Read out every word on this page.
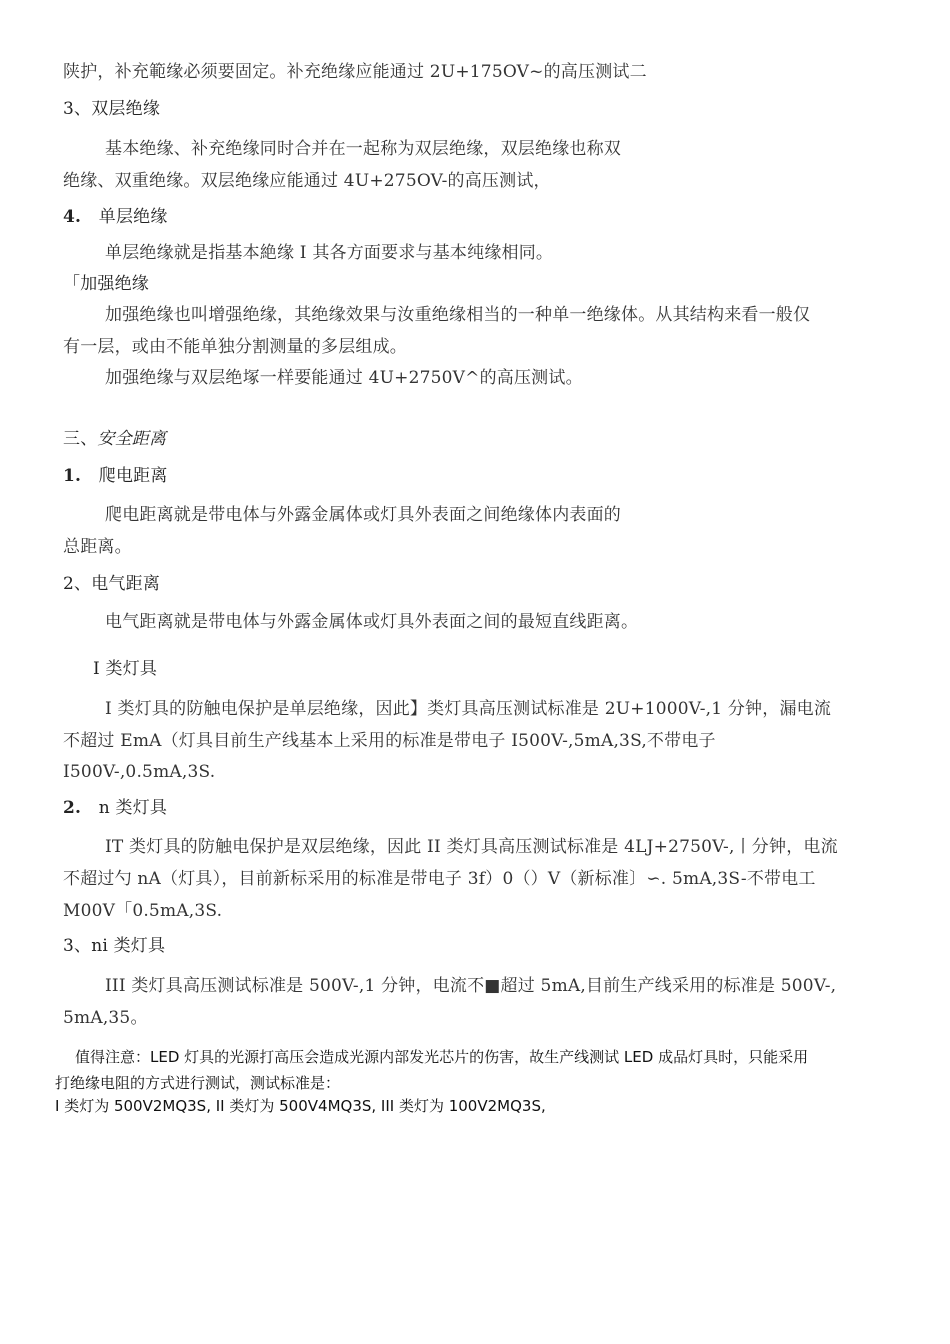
陕护，补充範缘必须要固定。补充绝缘应能通过 2U+175OV~的高压测试二
3、双层绝缘
基本绝缘、补充绝缘同时合并在一起称为双层绝缘，双层绝缘也称双
绝缘、双重绝缘。双层绝缘应能通过 4U+275OV-的高压测试，
4. 单层绝缘
单层绝缘就是指基本絶缘 I 其各方面要求与基本纯缘相同。
「加强绝缘
加强绝缘也叫增强绝缘，其绝缘效果与汝重绝缘相当的一种单一绝缘体。从其结构来看一般仅
有一层，或由不能单独分割测量的多层组成。
加强绝缘与双层绝塚一样要能通过 4U+2750V^的高压测试。
三、安全距离
1. 爬电距离
爬电距离就是带电体与外露金属体或灯具外表面之间绝缘体内表面的
总距离。
2、电气距离
电气距离就是带电体与外露金属体或灯具外表面之间的最短直线距离。
I 类灯具
I 类灯具的防触电保护是单层绝缘，因此】类灯具高压测试标准是 2U+1000V-,1 分钟，漏电流
不超过 EmA（灯具目前生产线基本上采用的标准是带电子 I500V-,5mA,3S,不带电子
I500V-,0.5mA,3S.
2. n 类灯具
IT 类灯具的防触电保护是双层绝缘，因此 II 类灯具高压测试标准是 4LJ+2750V-,丨分钟，电流
不超过勺 nA（灯具），目前新标采用的标准是带电子 3f）0（）V（新标准〕∽. 5mA,3S-不带电工
M00V「0.5mA,3S.
3、ni 类灯具
III 类灯具高压测试标准是 500V-,1 分钟，电流不■超过 5mA,目前生产线采用的标准是 500V-,
5mA,35。
值得注意：LED 灯具的光源打高压会造成光源内部发光芯片的伤害，故生产线测试 LED 成品灯具时，只能采用
打绝缘电阻的方式进行测试，测试标准是：
I 类灯为 500V2MQ3S, II 类灯为 500V4MQ3S, III 类灯为 100V2MQ3S,
